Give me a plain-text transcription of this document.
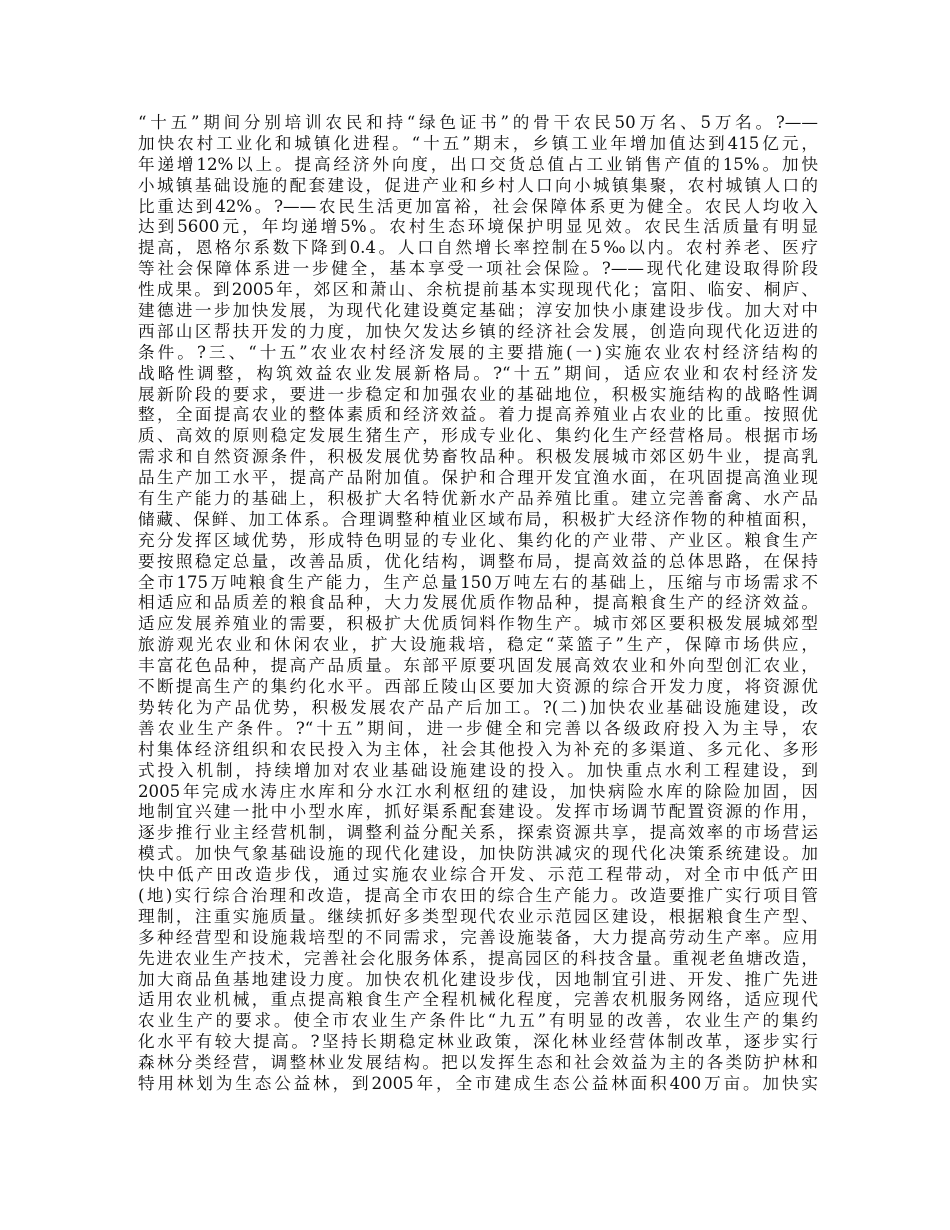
“十五”期间分别培训农民和持“绿色证书”的骨干农民50万名、5万名。?——
加快农村工业化和城镇化进程。“十五”期末，乡镇工业年增加值达到415亿元，
年递增12%以上。提高经济外向度，出口交货总值占工业销售产值的15%。加快
小城镇基础设施的配套建设，促进产业和乡村人口向小城镇集聚，农村城镇人口的
比重达到42%。?——农民生活更加富裕，社会保障体系更为健全。农民人均收入
达到5600元，年均递增5%。农村生态环境保护明显见效。农民生活质量有明显
提高，恩格尔系数下降到0.4。人口自然增长率控制在5‰以内。农村养老、医疗
等社会保障体系进一步健全，基本享受一项社会保险。?——现代化建设取得阶段
性成果。到2005年，郊区和萧山、余杭提前基本实现现代化；富阳、临安、桐庐、
建德进一步加快发展，为现代化建设奠定基础；淳安加快小康建设步伐。加大对中
西部山区帮扶开发的力度，加快欠发达乡镇的经济社会发展，创造向现代化迈进的
条件。?三、“十五”农业农村经济发展的主要措施(一)实施农业农村经济结构的
战略性调整，构筑效益农业发展新格局。?“十五”期间，适应农业和农村经济发
展新阶段的要求，要进一步稳定和加强农业的基础地位，积极实施结构的战略性调
整，全面提高农业的整体素质和经济效益。着力提高养殖业占农业的比重。按照优
质、高效的原则稳定发展生猪生产，形成专业化、集约化生产经营格局。根据市场
需求和自然资源条件，积极发展优势畜牧品种。积极发展城市郊区奶牛业，提高乳
品生产加工水平，提高产品附加值。保护和合理开发宜渔水面，在巩固提高渔业现
有生产能力的基础上，积极扩大名特优新水产品养殖比重。建立完善畜禽、水产品
储藏、保鲜、加工体系。合理调整种植业区域布局，积极扩大经济作物的种植面积，
充分发挥区域优势，形成特色明显的专业化、集约化的产业带、产业区。粮食生产
要按照稳定总量，改善品质，优化结构，调整布局，提高效益的总体思路，在保持
全市175万吨粮食生产能力，生产总量150万吨左右的基础上，压缩与市场需求不
相适应和品质差的粮食品种，大力发展优质作物品种，提高粮食生产的经济效益。
适应发展养殖业的需要，积极扩大优质饲料作物生产。城市郊区要积极发展城郊型
旅游观光农业和休闲农业，扩大设施栽培，稳定“菜篮子”生产，保障市场供应，
丰富花色品种，提高产品质量。东部平原要巩固发展高效农业和外向型创汇农业，
不断提高生产的集约化水平。西部丘陵山区要加大资源的综合开发力度，将资源优
势转化为产品优势，积极发展农产品产后加工。?(二)加快农业基础设施建设，改
善农业生产条件。?“十五”期间，进一步健全和完善以各级政府投入为主导，农
村集体经济组织和农民投入为主体，社会其他投入为补充的多渠道、多元化、多形
式投入机制，持续增加对农业基础设施建设的投入。加快重点水利工程建设，到
2005年完成水涛庄水库和分水江水利枢纽的建设，加快病险水库的除险加固，因
地制宜兴建一批中小型水库，抓好渠系配套建设。发挥市场调节配置资源的作用，
逐步推行业主经营机制，调整利益分配关系，探索资源共享，提高效率的市场营运
模式。加快气象基础设施的现代化建设，加快防洪减灾的现代化决策系统建设。加
快中低产田改造步伐，通过实施农业综合开发、示范工程带动，对全市中低产田
(地)实行综合治理和改造，提高全市农田的综合生产能力。改造要推广实行项目管
理制，注重实施质量。继续抓好多类型现代农业示范园区建设，根据粮食生产型、
多种经营型和设施栽培型的不同需求，完善设施装备，大力提高劳动生产率。应用
先进农业生产技术，完善社会化服务体系，提高园区的科技含量。重视老鱼塘改造，
加大商品鱼基地建设力度。加快农机化建设步伐，因地制宜引进、开发、推广先进
适用农业机械，重点提高粮食生产全程机械化程度，完善农机服务网络，适应现代
农业生产的要求。使全市农业生产条件比“九五”有明显的改善，农业生产的集约
化水平有较大提高。?坚持长期稳定林业政策，深化林业经营体制改革，逐步实行
森林分类经营，调整林业发展结构。把以发挥生态和社会效益为主的各类防护林和
特用林划为生态公益林，到2005年，全市建成生态公益林面积400万亩。加快实
